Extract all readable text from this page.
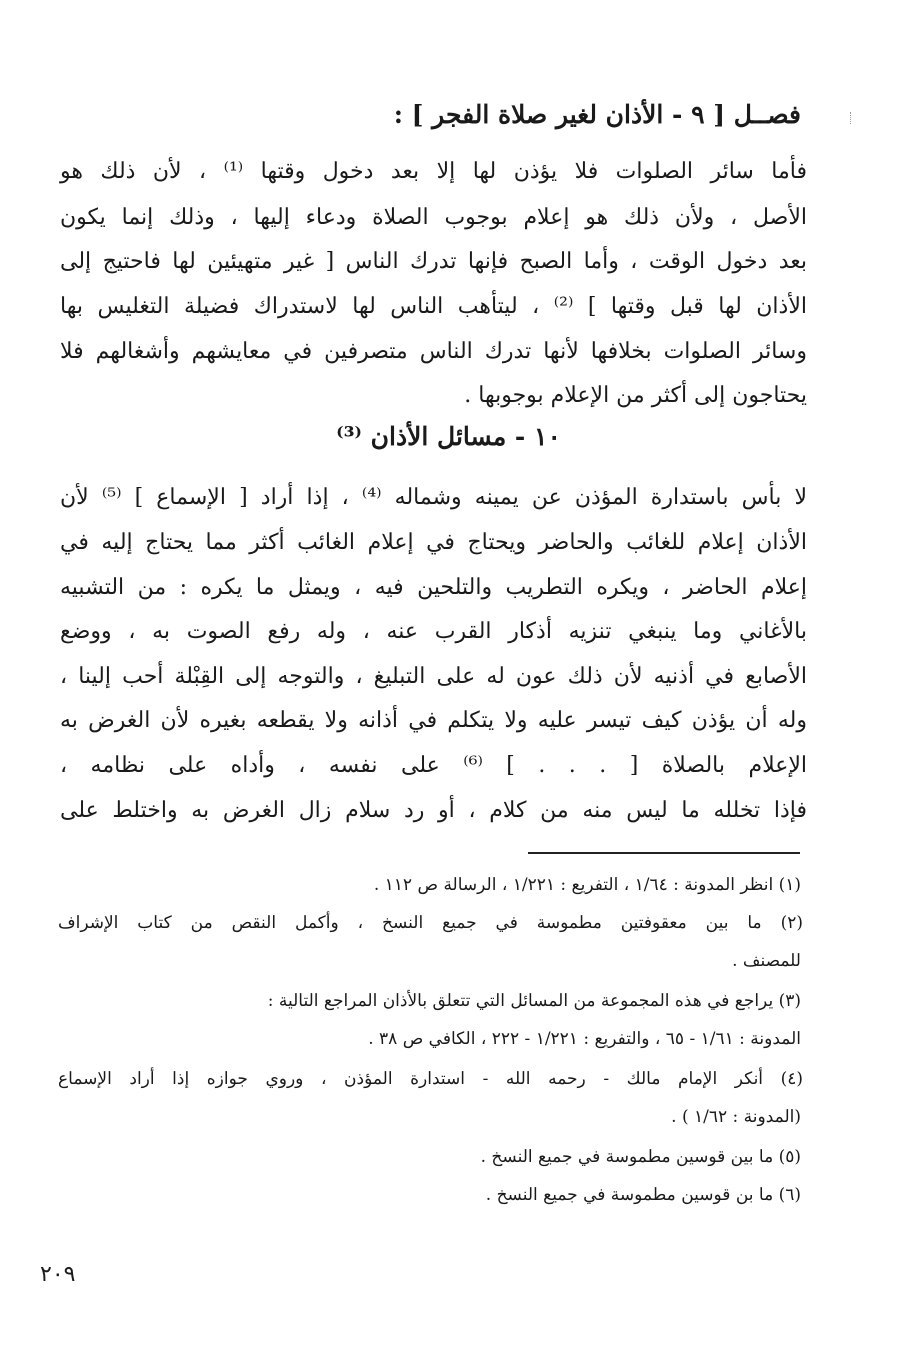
فصــل [ ٩ - الأذان لغير صلاة الفجر ] :
فأما سائر الصلوات فلا يؤذن لها إلا بعد دخول وقتها ⁽¹⁾ ، لأن ذلك هو
الأصل ، ولأن ذلك هو إعلام بوجوب الصلاة ودعاء إليها ، وذلك إنما يكون
بعد دخول الوقت ، وأما الصبح فإنها تدرك الناس [ غير متهيئين لها فاحتيج إلى
الأذان لها قبل وقتها ] ⁽²⁾ ، ليتأهب الناس لها لاستدراك فضيلة التغليس بها
وسائر الصلوات بخلافها لأنها تدرك الناس متصرفين في معايشهم وأشغالهم فلا
يحتاجون إلى أكثر من الإعلام بوجوبها .
١٠ - مسائل الأذان ⁽³⁾
لا بأس باستدارة المؤذن عن يمينه وشماله ⁽⁴⁾ ، إذا أراد [ الإسماع ] ⁽⁵⁾ لأن
الأذان إعلام للغائب والحاضر ويحتاج في إعلام الغائب أكثر مما يحتاج إليه في
إعلام الحاضر ، ويكره التطريب والتلحين فيه ، ويمثل ما يكره : من التشبيه
بالأغاني وما ينبغي تنزيه أذكار القرب عنه ، وله رفع الصوت به ، ووضع
الأصابع في أذنيه لأن ذلك عون له على التبليغ ، والتوجه إلى القِبْلة أحب إلينا ،
وله أن يؤذن كيف تيسر عليه ولا يتكلم في أذانه ولا يقطعه بغيره لأن الغرض به
الإعلام بالصلاة [ . . . ] ⁽⁶⁾ على نفسه ، وأداه على نظامه ،
فإذا تخلله ما ليس منه من كلام ، أو رد سلام زال الغرض به واختلط على
(١) انظر المدونة : ١/٦٤ ، التفريع : ١/٢٢١ ، الرسالة ص ١١٢ .
(٢) ما بين معقوفتين مطموسة في جميع النسخ ، وأكمل النقص من كتاب الإشراف
للمصنف .
(٣) يراجع في هذه المجموعة من المسائل التي تتعلق بالأذان المراجع التالية :
المدونة : ١/٦١ - ٦٥ ، والتفريع : ١/٢٢١ - ٢٢٢ ، الكافي ص ٣٨ .
(٤) أنكر الإمام مالك - رحمه الله - استدارة المؤذن ، وروي جوازه إذا أراد الإسماع
(المدونة : ١/٦٢ ) .
(٥) ما بين قوسين مطموسة في جميع النسخ .
(٦) ما بن قوسين مطموسة في جميع النسخ .
٢٠٩
